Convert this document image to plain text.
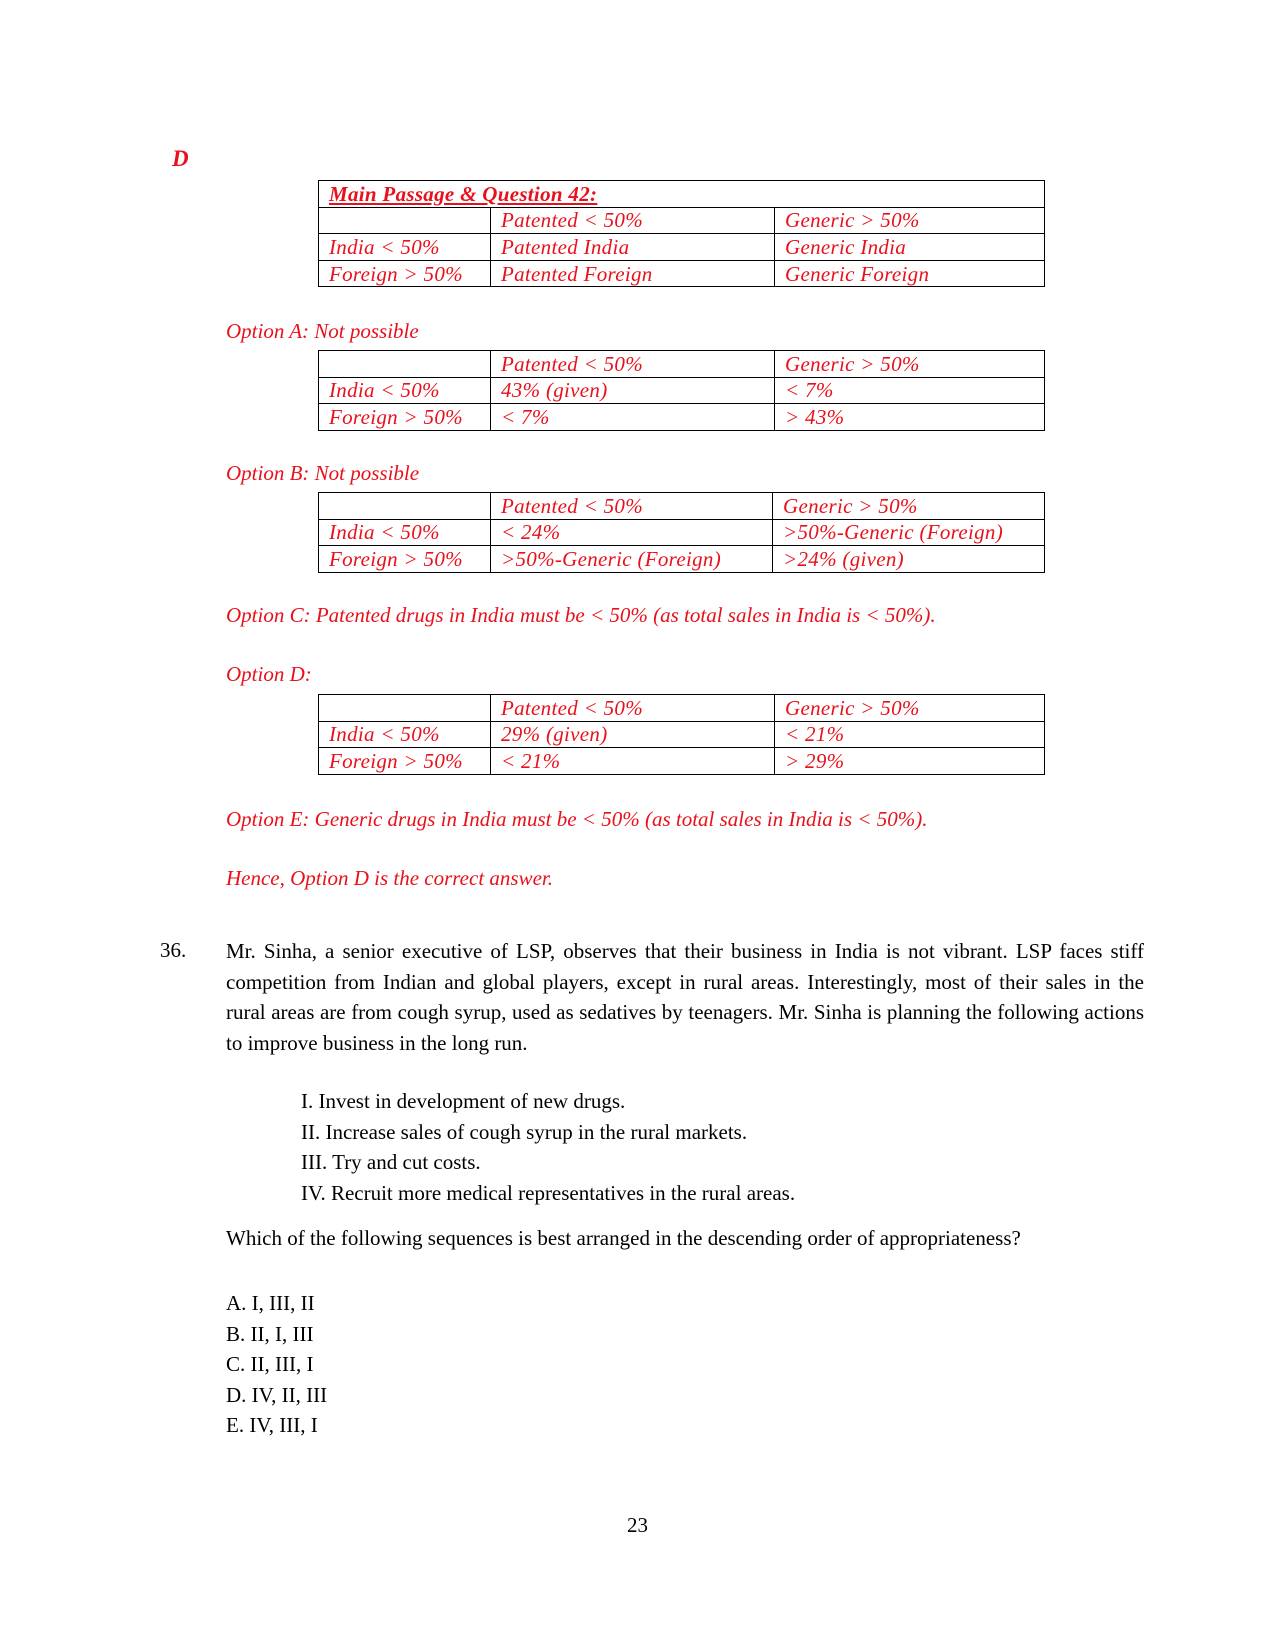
D
Main Passage & Question 42:		
	Patented < 50%	Generic > 50%
India < 50%	Patented India	Generic India
Foreign > 50%	Patented Foreign	Generic Foreign
Option A: Not possible
	Patented < 50%	Generic > 50%
India < 50%	43% (given)	< 7%
Foreign > 50%	< 7%	> 43%
Option B: Not possible
	Patented < 50%	Generic > 50%
India < 50%	< 24%	>50%-Generic (Foreign)
Foreign > 50%	>50%-Generic (Foreign)	>24% (given)
Option C: Patented drugs in India must be < 50% (as total sales in India is < 50%).
Option D:
	Patented < 50%	Generic > 50%
India < 50%	29% (given)	< 21%
Foreign > 50%	< 21%	> 29%
Option E: Generic drugs in India must be < 50% (as total sales in India is < 50%).
Hence, Option D is the correct answer.
36. Mr. Sinha, a senior executive of LSP, observes that their business in India is not vibrant. LSP faces stiff competition from Indian and global players, except in rural areas. Interestingly, most of their sales in the rural areas are from cough syrup, used as sedatives by teenagers. Mr. Sinha is planning the following actions to improve business in the long run.
I. Invest in development of new drugs.
II. Increase sales of cough syrup in the rural markets.
III. Try and cut costs.
IV. Recruit more medical representatives in the rural areas.
Which of the following sequences is best arranged in the descending order of appropriateness?
A. I, III, II
B. II, I, III
C. II, III, I
D. IV, II, III
E. IV, III, I
23
